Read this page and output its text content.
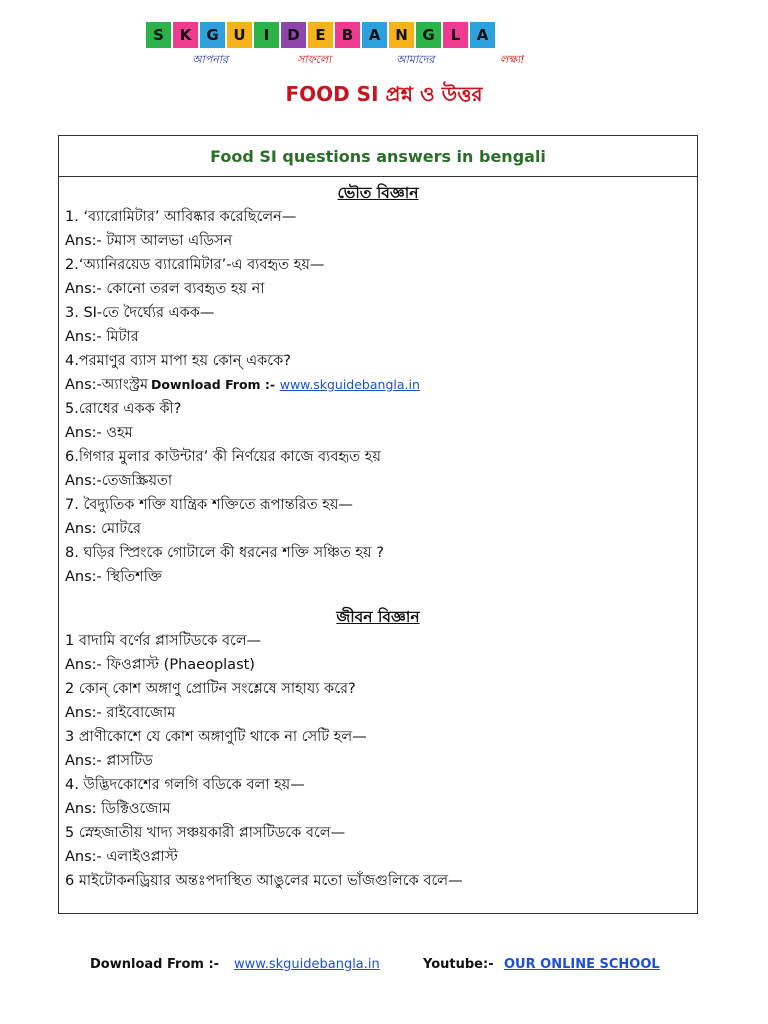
S	K	G U	I	D	E	B	A N G	L	A
আপনার	সাফল্যে	আমাদের	লক্ষ্য!
FOOD SI প্রশ্ন ও উত্তর
Food SI questions answers in bengali
ভৌত বিজ্ঞান
1. ‘ব্যারোমিটার’ আবিষ্কার করেছিলেন—
Ans:- টমাস আলভা এডিসন
2.‘অ্যানিরয়েড ব্যারোমিটার’-এ ব্যবহৃত হয়—
Ans:- কোনো তরল ব্যবহৃত হয় না
3. SI-তে দৈর্ঘ্যের একক—
Ans:- মিটার
4.পরমাণুর ব্যাস মাপা হয় কোন্ এককে?
Ans:-অ্যাংস্ট্রম Download From :- www.skguidebangla.in
5.রোধের একক কী?
Ans:- ওহম
6.গিগার মুলার কাউন্টার’ কী নির্ণয়ের কাজে ব্যবহৃত হয়
Ans:-তেজস্ক্রিয়তা
7. বৈদ্যুতিক শক্তি যান্ত্রিক শক্তিতে রূপান্তরিত হয়—
Ans: মোটরে
8. ঘড়ির স্প্রিংকে গোটালে কী ধরনের শক্তি সঞ্চিত হয় ?
Ans:- স্থিতিশক্তি
জীবন বিজ্ঞান
1 বাদামি বর্ণের প্লাসটিডকে বলে—
Ans:- ফিওপ্লাস্ট (Phaeoplast)
2 কোন্ কোশ অঙ্গাণু প্রোটিন সংশ্লেষে সাহায্য করে?
Ans:- রাইবোজোম
3 প্রাণীকোশে যে কোশ অঙ্গাণুটি থাকে না সেটি হল—
Ans:- প্লাসটিড
4. উদ্ভিদকোশের গলগি বডিকে বলা হয়—
Ans: ডিক্টিওজোম
5 স্নেহজাতীয় খাদ্য সঞ্চয়কারী প্লাসটিডকে বলে—
Ans:- এলাইওপ্লাস্ট
6 মাইটোকনড্রিয়ার অন্তঃপদাস্থিত আঙুলের মতো ভাঁজগুলিকে বলে—
Download From :- www.skguidebangla.in	Youtube:- OUR ONLINE SCHOOL
